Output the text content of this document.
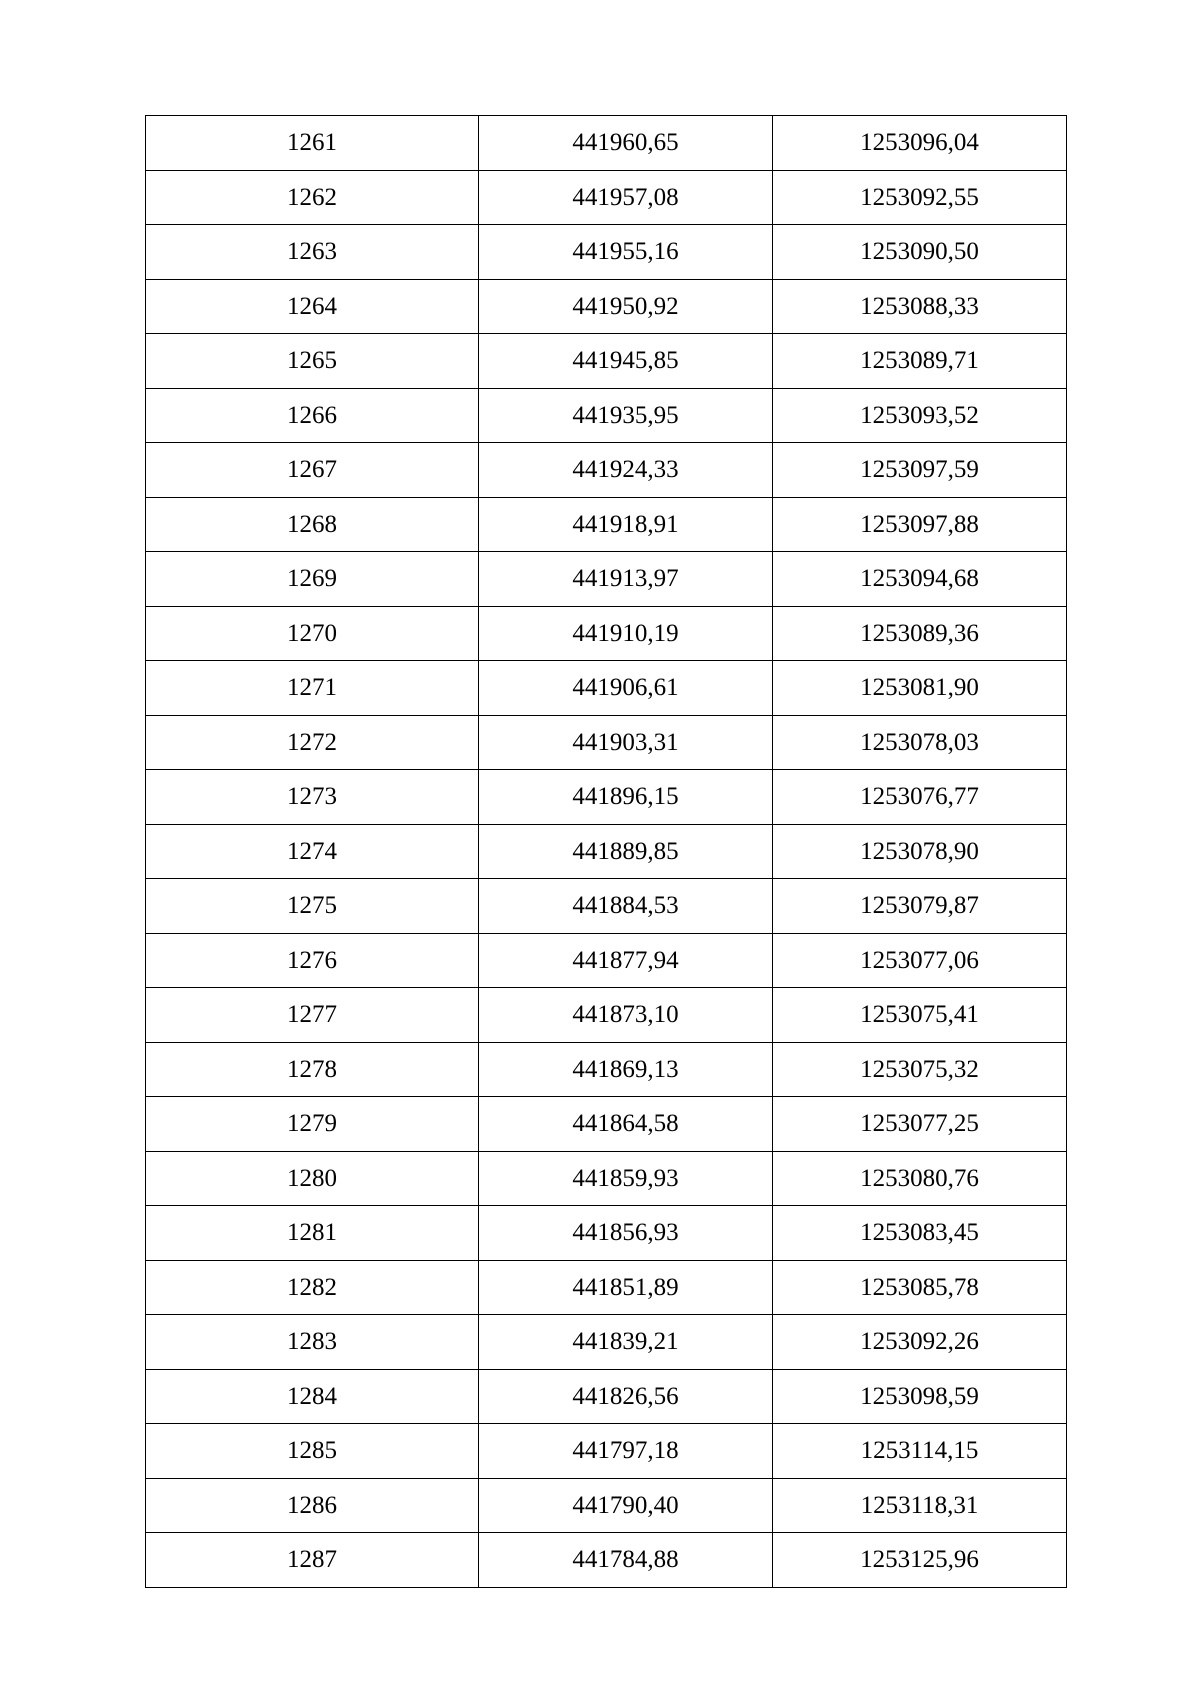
1261	441960,65	1253096,04
1262	441957,08	1253092,55
1263	441955,16	1253090,50
1264	441950,92	1253088,33
1265	441945,85	1253089,71
1266	441935,95	1253093,52
1267	441924,33	1253097,59
1268	441918,91	1253097,88
1269	441913,97	1253094,68
1270	441910,19	1253089,36
1271	441906,61	1253081,90
1272	441903,31	1253078,03
1273	441896,15	1253076,77
1274	441889,85	1253078,90
1275	441884,53	1253079,87
1276	441877,94	1253077,06
1277	441873,10	1253075,41
1278	441869,13	1253075,32
1279	441864,58	1253077,25
1280	441859,93	1253080,76
1281	441856,93	1253083,45
1282	441851,89	1253085,78
1283	441839,21	1253092,26
1284	441826,56	1253098,59
1285	441797,18	1253114,15
1286	441790,40	1253118,31
1287	441784,88	1253125,96
